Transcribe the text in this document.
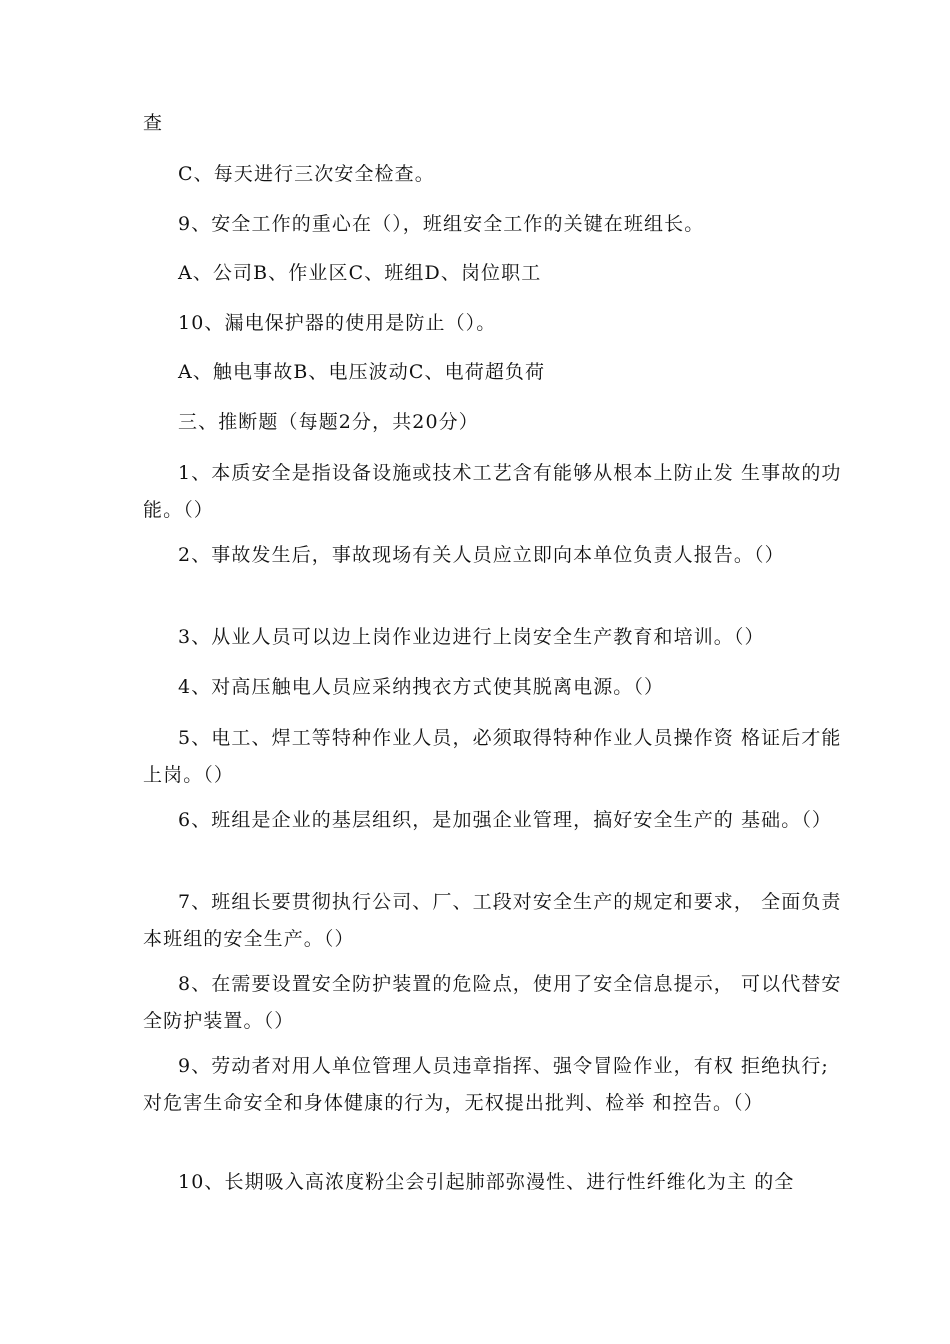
查
C、每天进行三次安全检查。
9、安全工作的重心在（），班组安全工作的关键在班组长。
A、公司B、作业区C、班组D、岗位职工
10、漏电保护器的使用是防止（）。
A、触电事故B、电压波动C、电荷超负荷
三、推断题（每题2分，共20分）
1、本质安全是指设备设施或技术工艺含有能够从根本上防止发 生事故的功能。（）
2、事故发生后，事故现场有关人员应立即向本单位负责人报告。（）
3、从业人员可以边上岗作业边进行上岗安全生产教育和培训。（）
4、对高压触电人员应采纳拽衣方式使其脱离电源。（）
5、电工、焊工等特种作业人员，必须取得特种作业人员操作资 格证后才能上岗。（）
6、班组是企业的基层组织，是加强企业管理，搞好安全生产的 基础。（）
7、班组长要贯彻执行公司、厂、工段对安全生产的规定和要求， 全面负责本班组的安全生产。（）
8、在需要设置安全防护装置的危险点，使用了安全信息提示， 可以代替安全防护装置。（）
9、劳动者对用人单位管理人员违章指挥、强令冒险作业，有权 拒绝执行;对危害生命安全和身体健康的行为，无权提出批判、检举 和控告。（）
10、长期吸入高浓度粉尘会引起肺部弥漫性、进行性纤维化为主 的全
